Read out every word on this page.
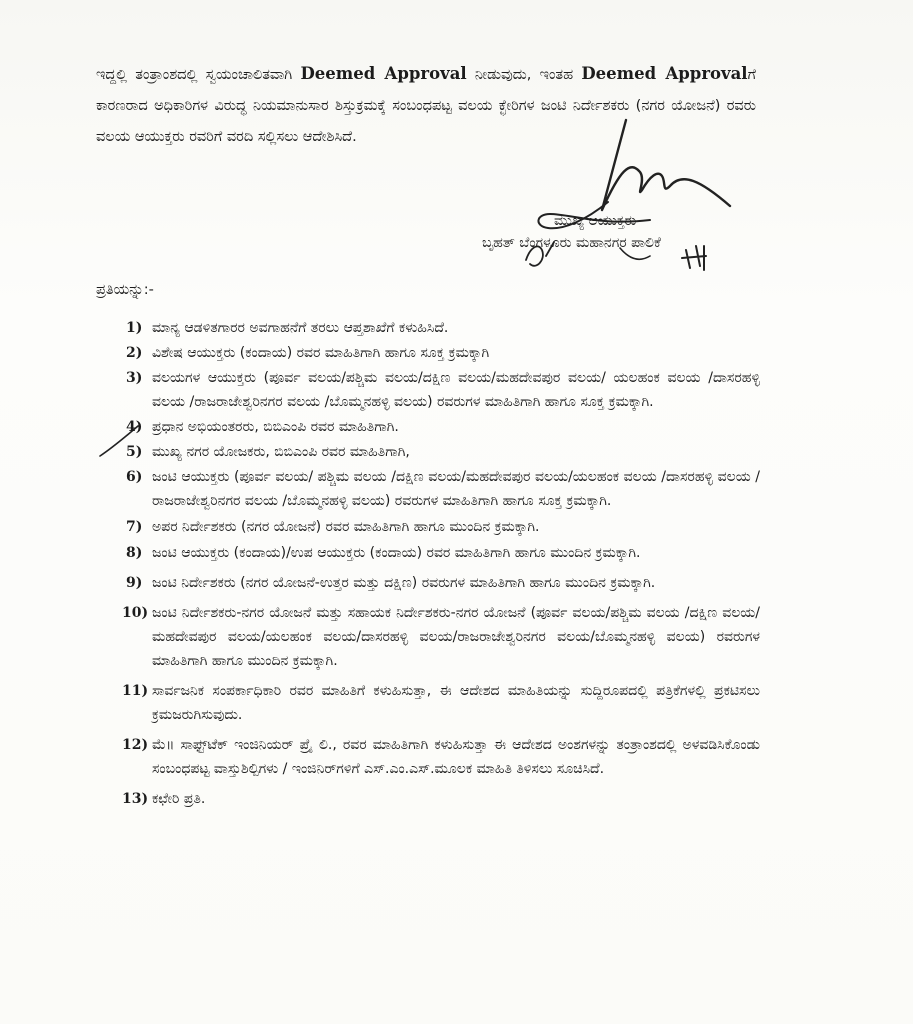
ಇದ್ದಲ್ಲಿ ತಂತ್ರಾಂಶದಲ್ಲಿ ಸ್ವಯಂಚಾಲಿತವಾಗಿ Deemed Approval ನೀಡುವುದು, ಇಂತಹ Deemed Approvalಗೆ ಕಾರಣರಾದ ಅಧಿಕಾರಿಗಳ ವಿರುದ್ಧ ನಿಯಮಾನುಸಾರ ಶಿಸ್ತುಕ್ರಮಕ್ಕೆ ಸಂಬಂಧಪಟ್ಟ ವಲಯ ಕ್ಛೇರಿಗಳ ಜಂಟಿ ನಿರ್ದೇಶಕರು (ನಗರ ಯೋಜನೆ) ರವರು ವಲಯ ಆಯುಕ್ತರು ರವರಿಗೆ ವರದಿ ಸಲ್ಲಿಸಲು ಆದೇಶಿಸಿದೆ.
ಮುಖ್ಯ ಆಯುಕ್ತರು
ಬೃಹತ್ ಬೆಂಗಳೂರು ಮಹಾನಗರ ಪಾಲಿಕೆ
ಪ್ರತಿಯನ್ನು:-
1) ಮಾನ್ಯ ಆಡಳಿತಗಾರರ ಅವಗಾಹನೆಗೆ ತರಲು ಆಪ್ತಶಾಖೆಗೆ ಕಳುಹಿಸಿದೆ.
2) ವಿಶೇಷ ಆಯುಕ್ತರು (ಕಂದಾಯ) ರವರ ಮಾಹಿತಿಗಾಗಿ ಹಾಗೂ ಸೂಕ್ತ ಕ್ರಮಕ್ಕಾಗಿ
3) ವಲಯಗಳ ಆಯುಕ್ತರು (ಪೂರ್ವ ವಲಯ/ಪಶ್ಚಿಮ ವಲಯ/ದಕ್ಷಿಣ ವಲಯ/ಮಹದೇವಪುರ ವಲಯ/ ಯಲಹಂಕ ವಲಯ /ದಾಸರಹಳ್ಳಿ ವಲಯ /ರಾಜರಾಜೇಶ್ವರಿನಗರ ವಲಯ /ಬೊಮ್ಮನಹಳ್ಳಿ ವಲಯ) ರವರುಗಳ ಮಾಹಿತಿಗಾಗಿ ಹಾಗೂ ಸೂಕ್ತ ಕ್ರಮಕ್ಕಾಗಿ.
4) ಪ್ರಧಾನ ಅಭಿಯಂತರರು, ಬಿಬಿಎಂಪಿ ರವರ ಮಾಹಿತಿಗಾಗಿ.
5) ಮುಖ್ಯ ನಗರ ಯೋಜಕರು, ಬಿಬಿಎಂಪಿ ರವರ ಮಾಹಿತಿಗಾಗಿ,
6) ಜಂಟಿ ಆಯುಕ್ತರು (ಪೂರ್ವ ವಲಯ/ ಪಶ್ಚಿಮ ವಲಯ /ದಕ್ಷಿಣ ವಲಯ/ಮಹದೇವಪುರ ವಲಯ/ಯಲಹಂಕ ವಲಯ /ದಾಸರಹಳ್ಳಿ ವಲಯ /ರಾಜರಾಜೇಶ್ವರಿನಗರ ವಲಯ /ಬೊಮ್ಮನಹಳ್ಳಿ ವಲಯ) ರವರುಗಳ ಮಾಹಿತಿಗಾಗಿ ಹಾಗೂ ಸೂಕ್ತ ಕ್ರಮಕ್ಕಾಗಿ.
7) ಅಪರ ನಿರ್ದೇಶಕರು (ನಗರ ಯೋಜನೆ) ರವರ ಮಾಹಿತಿಗಾಗಿ ಹಾಗೂ ಮುಂದಿನ ಕ್ರಮಕ್ಕಾಗಿ.
8) ಜಂಟಿ ಆಯುಕ್ತರು (ಕಂದಾಯ)/ಉಪ ಆಯುಕ್ತರು (ಕಂದಾಯ) ರವರ ಮಾಹಿತಿಗಾಗಿ ಹಾಗೂ ಮುಂದಿನ ಕ್ರಮಕ್ಕಾಗಿ.
9) ಜಂಟಿ ನಿರ್ದೇಶಕರು (ನಗರ ಯೋಜನೆ-ಉತ್ತರ ಮತ್ತು ದಕ್ಷಿಣ) ರವರುಗಳ ಮಾಹಿತಿಗಾಗಿ ಹಾಗೂ ಮುಂದಿನ ಕ್ರಮಕ್ಕಾಗಿ.
10) ಜಂಟಿ ನಿರ್ದೇಶಕರು-ನಗರ ಯೋಜನೆ ಮತ್ತು ಸಹಾಯಕ ನಿರ್ದೇಶಕರು-ನಗರ ಯೋಜನೆ (ಪೂರ್ವ ವಲಯ/ಪಶ್ಚಿಮ ವಲಯ /ದಕ್ಷಿಣ ವಲಯ/ಮಹದೇವಪುರ ವಲಯ/ಯಲಹಂಕ ವಲಯ/ದಾಸರಹಳ್ಳಿ ವಲಯ/ರಾಜರಾಜೇಶ್ವರಿನಗರ ವಲಯ/ಬೊಮ್ಮನಹಳ್ಳಿ ವಲಯ) ರವರುಗಳ ಮಾಹಿತಿಗಾಗಿ ಹಾಗೂ ಮುಂದಿನ ಕ್ರಮಕ್ಕಾಗಿ.
11) ಸಾರ್ವಜನಿಕ ಸಂಪರ್ಕಾಧಿಕಾರಿ ರವರ ಮಾಹಿತಿಗೆ ಕಳುಹಿಸುತ್ತಾ, ಈ ಆದೇಶದ ಮಾಹಿತಿಯನ್ನು ಸುದ್ದಿರೂಪದಲ್ಲಿ ಪತ್ರಿಕೆಗಳಲ್ಲಿ ಪ್ರಕಟಿಸಲು ಕ್ರಮಜರುಗಿಸುವುದು.
12) ಮೆ॥ ಸಾಫ್ಟ್‌ಟೆಕ್ ಇಂಜಿನಿಯರ್ ಪ್ರೈ ಲಿ., ರವರ ಮಾಹಿತಿಗಾಗಿ ಕಳುಹಿಸುತ್ತಾ ಈ ಆದೇಶದ ಅಂಶಗಳನ್ನು ತಂತ್ರಾಂಶದಲ್ಲಿ ಅಳವಡಿಸಿಕೊಂಡು ಸಂಬಂಧಪಟ್ಟ ವಾಸ್ತುಶಿಲ್ಪಿಗಳು / ಇಂಜಿನಿರ್‌ಗಳಿಗೆ ಎಸ್.ಎಂ.ಎಸ್.ಮೂಲಕ ಮಾಹಿತಿ ತಿಳಿಸಲು ಸೂಚಿಸಿದೆ.
13) ಕಛೇರಿ ಪ್ರತಿ.
